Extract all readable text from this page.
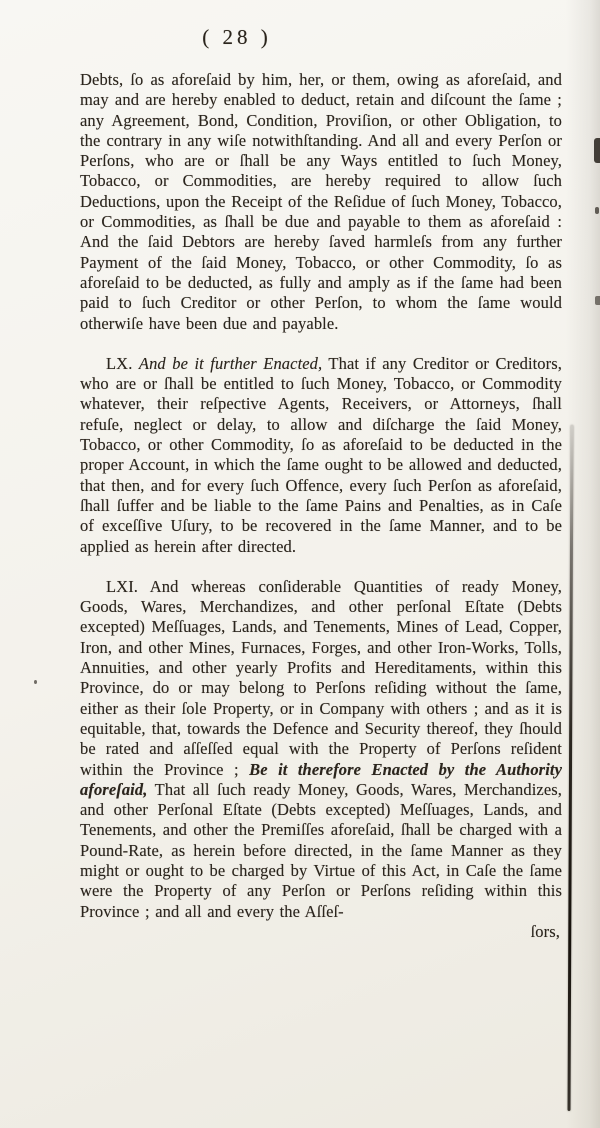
( 28 )

Debts, ſo as aforeſaid by him, her, or them, owing as aforeſaid, and may and are hereby enabled to deduct, retain and diſcount the ſame ; any Agreement, Bond, Condition, Proviſion, or other Obligation, to the contrary in any wiſe notwithſtanding. And all and every Perſon or Perſons, who are or ſhall be any Ways entitled to ſuch Money, Tobacco, or Commodities, are hereby required to allow ſuch Deductions, upon the Receipt of the Reſidue of ſuch Money, Tobacco, or Commodities, as ſhall be due and payable to them as aforeſaid : And the ſaid Debtors are hereby ſaved harmleſs from any further Payment of the ſaid Money, Tobacco, or other Commodity, ſo as aforeſaid to be deducted, as fully and amply as if the ſame had been paid to ſuch Creditor or other Perſon, to whom the ſame would otherwiſe have been due and payable.

LX. And be it further Enacted, That if any Creditor or Creditors, who are or ſhall be entitled to ſuch Money, Tobacco, or Commodity whatever, their reſpective Agents, Receivers, or Attorneys, ſhall refuſe, neglect or delay, to allow and diſcharge the ſaid Money, Tobacco, or other Commodity, ſo as aforeſaid to be deducted in the proper Account, in which the ſame ought to be allowed and deducted, that then, and for every ſuch Offence, every ſuch Perſon as aforeſaid, ſhall ſuffer and be liable to the ſame Pains and Penalties, as in Caſe of exceſſive Uſury, to be recovered in the ſame Manner, and to be applied as herein after directed.

LXI. And whereas conſiderable Quantities of ready Money, Goods, Wares, Merchandizes, and other perſonal Eſtate (Debts excepted) Meſſuages, Lands, and Tenements, Mines of Lead, Copper, Iron, and other Mines, Furnaces, Forges, and other Iron-Works, Tolls, Annuities, and other yearly Profits and Hereditaments, within this Province, do or may belong to Perſons reſiding without the ſame, either as their ſole Property, or in Company with others ; and as it is equitable, that, towards the Defence and Security thereof, they ſhould be rated and aſſeſſed equal with the Property of Perſons reſident within the Province ; Be it therefore Enacted by the Authority aforeſaid, That all ſuch ready Money, Goods, Wares, Merchandizes, and other Perſonal Eſtate (Debts excepted) Meſſuages, Lands, and Tenements, and other the Premiſſes aforeſaid, ſhall be charged with a Pound-Rate, as herein before directed, in the ſame Manner as they might or ought to be charged by Virtue of this Act, in Caſe the ſame were the Property of any Perſon or Perſons reſiding within this Province ; and all and every the Aſſeſ-

ſors,
